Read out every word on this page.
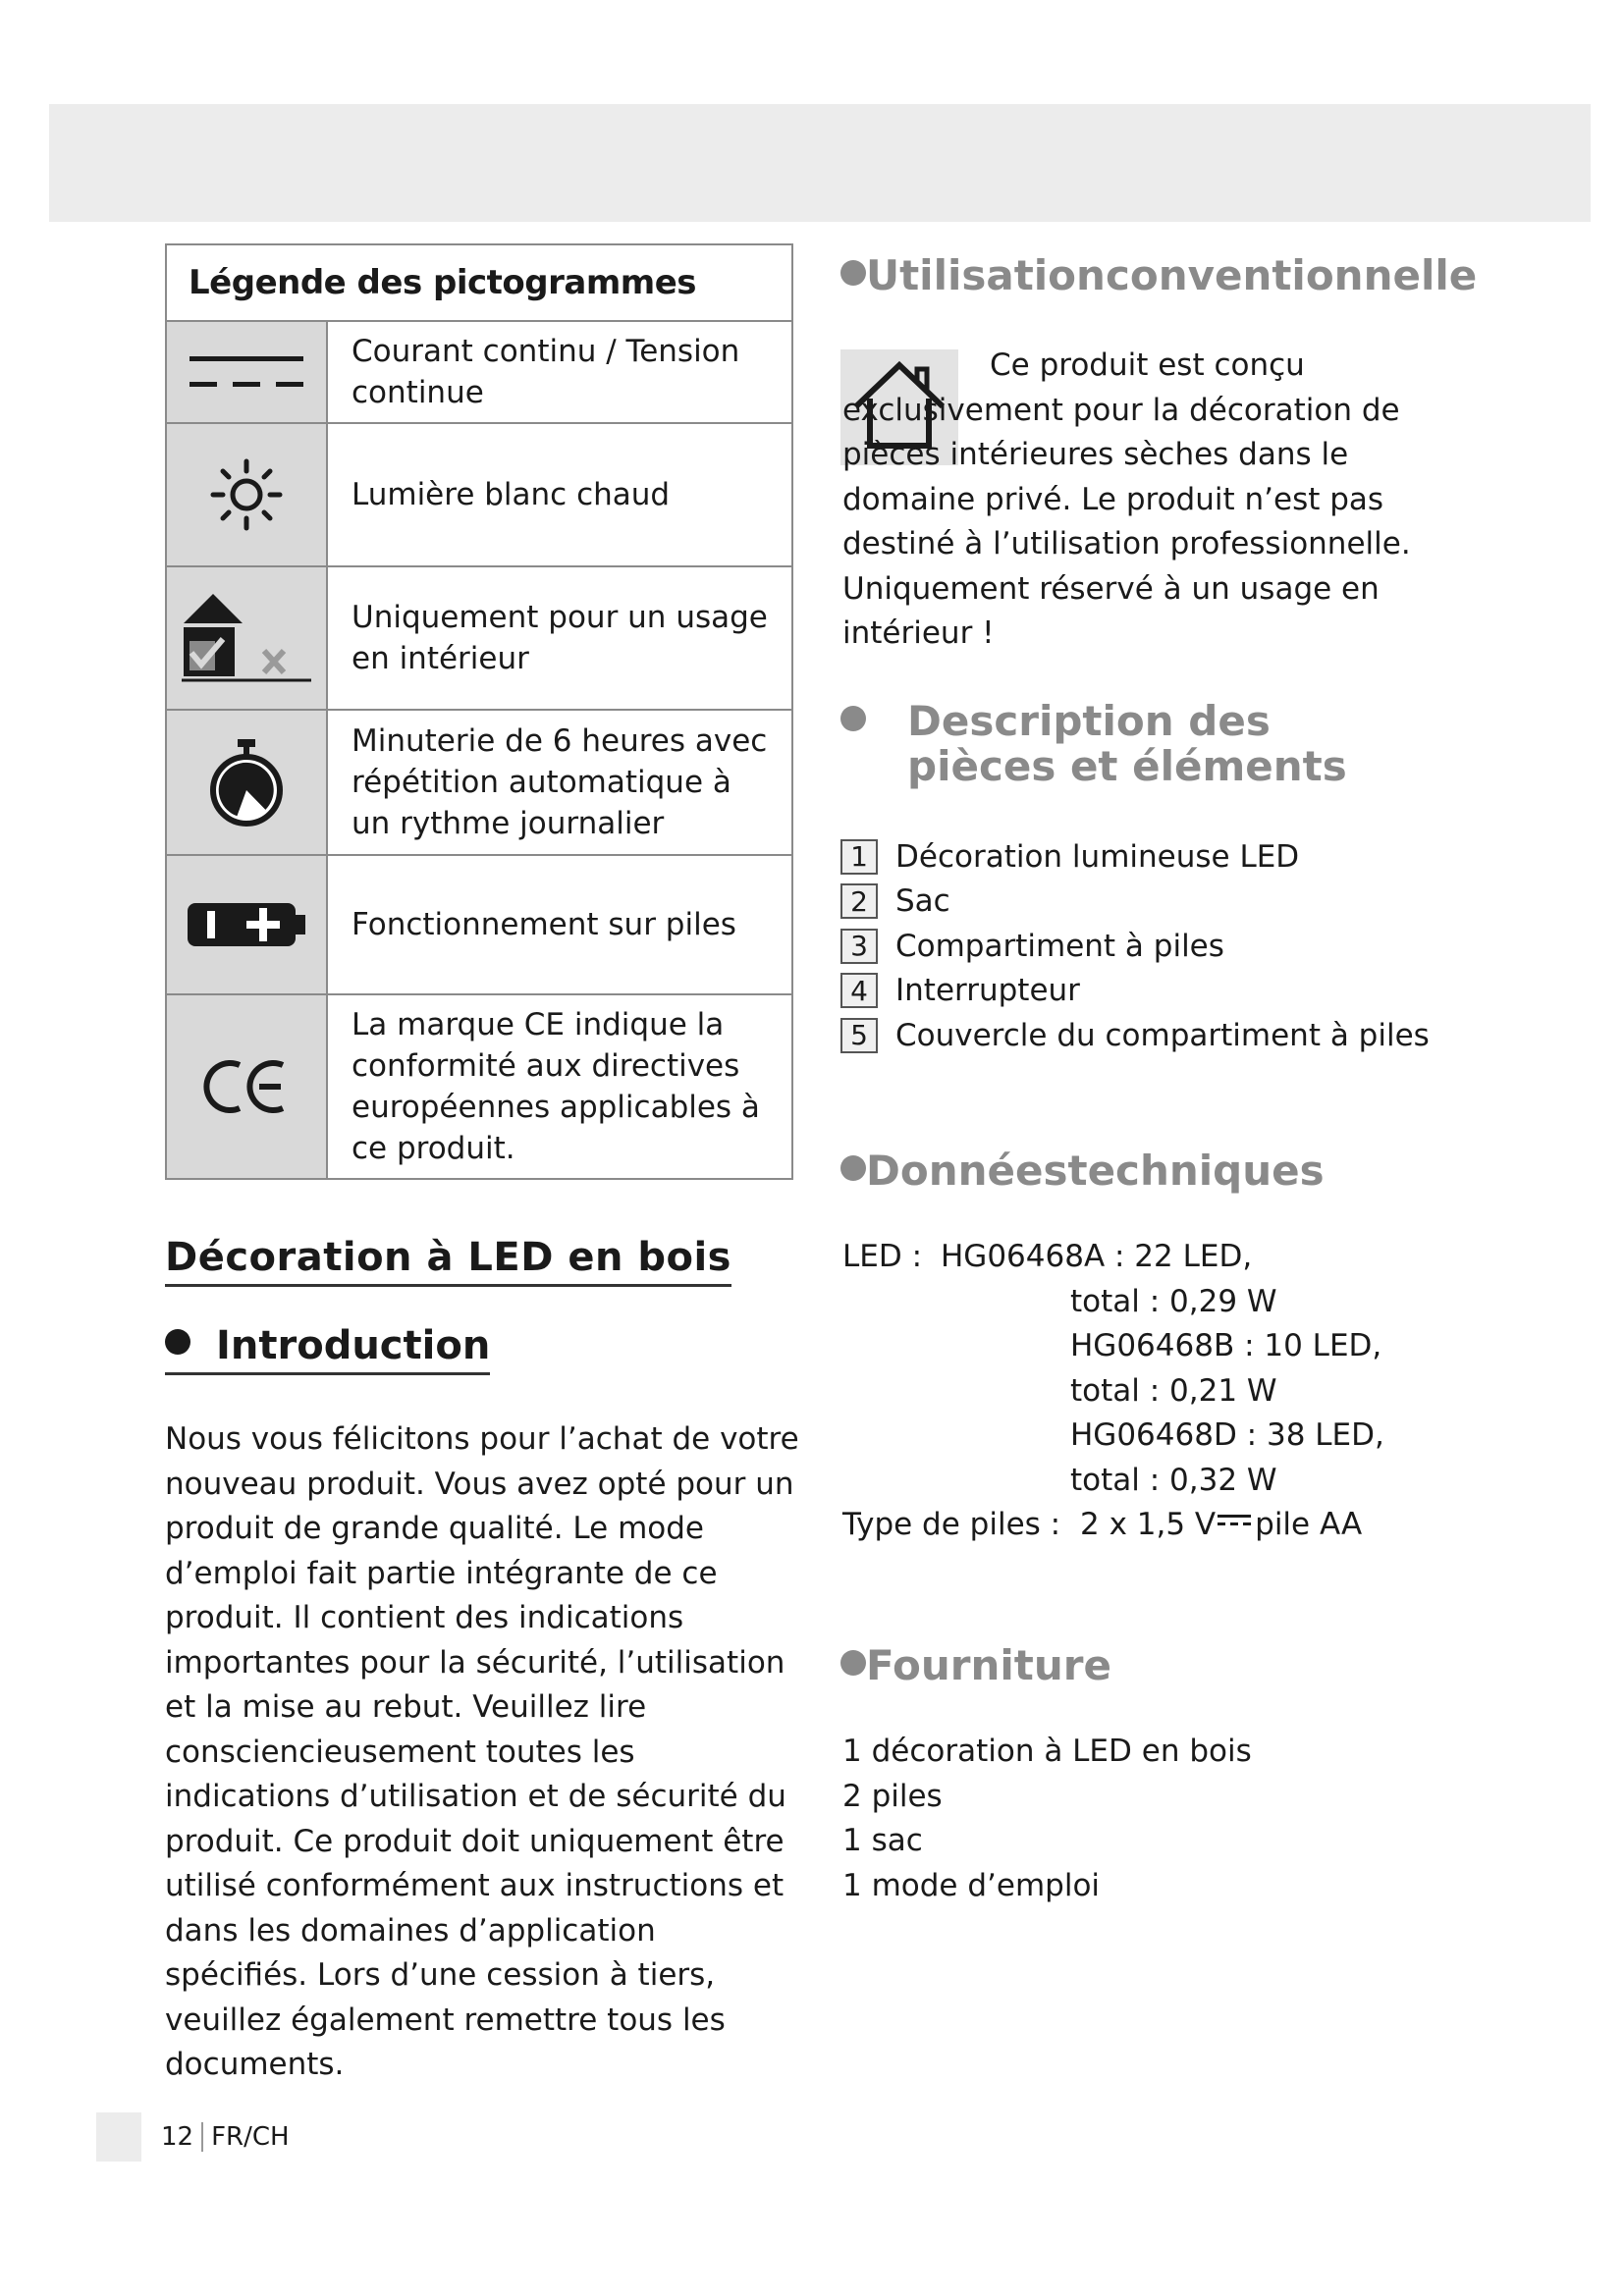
Légende des pictogrammes
Courant continu / Tension continue
Lumière blanc chaud
Uniquement pour un usage en intérieur
Minuterie de 6 heures avec répétition automatique à un rythme journalier
Fonctionnement sur piles
La marque CE indique la conformité aux directives européennes applicables à ce produit.
Décoration à LED en bois
Introduction
Nous vous félicitons pour l’achat de votre nouveau produit. Vous avez opté pour un produit de grande qualité. Le mode d’emploi fait partie intégrante de ce produit. Il contient des indications importantes pour la sécurité, l’utilisation et la mise au rebut. Veuillez lire consciencieusement toutes les indications d’utilisation et de sécurité du produit. Ce produit doit uniquement être utilisé conformément aux instructions et dans les domaines d’application spécifiés. Lors d’une cession à tiers, veuillez également remettre tous les documents.
Utilisationconventionnelle
Ce produit est conçu exclusivement pour la décoration de pièces intérieures sèches dans le domaine privé. Le produit n’est pas destiné à l’utilisation professionnelle. Uniquement réservé à un usage en intérieur !
Description des pièces et éléments
1 Décoration lumineuse LED
2 Sac
3 Compartiment à piles
4 Interrupteur
5 Couvercle du compartiment à piles
Donnéestechniques
LED : HG06468A : 22 LED,
total : 0,29 W
HG06468B : 10 LED,
total : 0,21 W
HG06468D : 38 LED,
total : 0,32 W
Type de piles : 2 x 1,5 V pile AA
Fourniture
1 décoration à LED en bois
2 piles
1 sac
1 mode d’emploi
12 FR/CH
